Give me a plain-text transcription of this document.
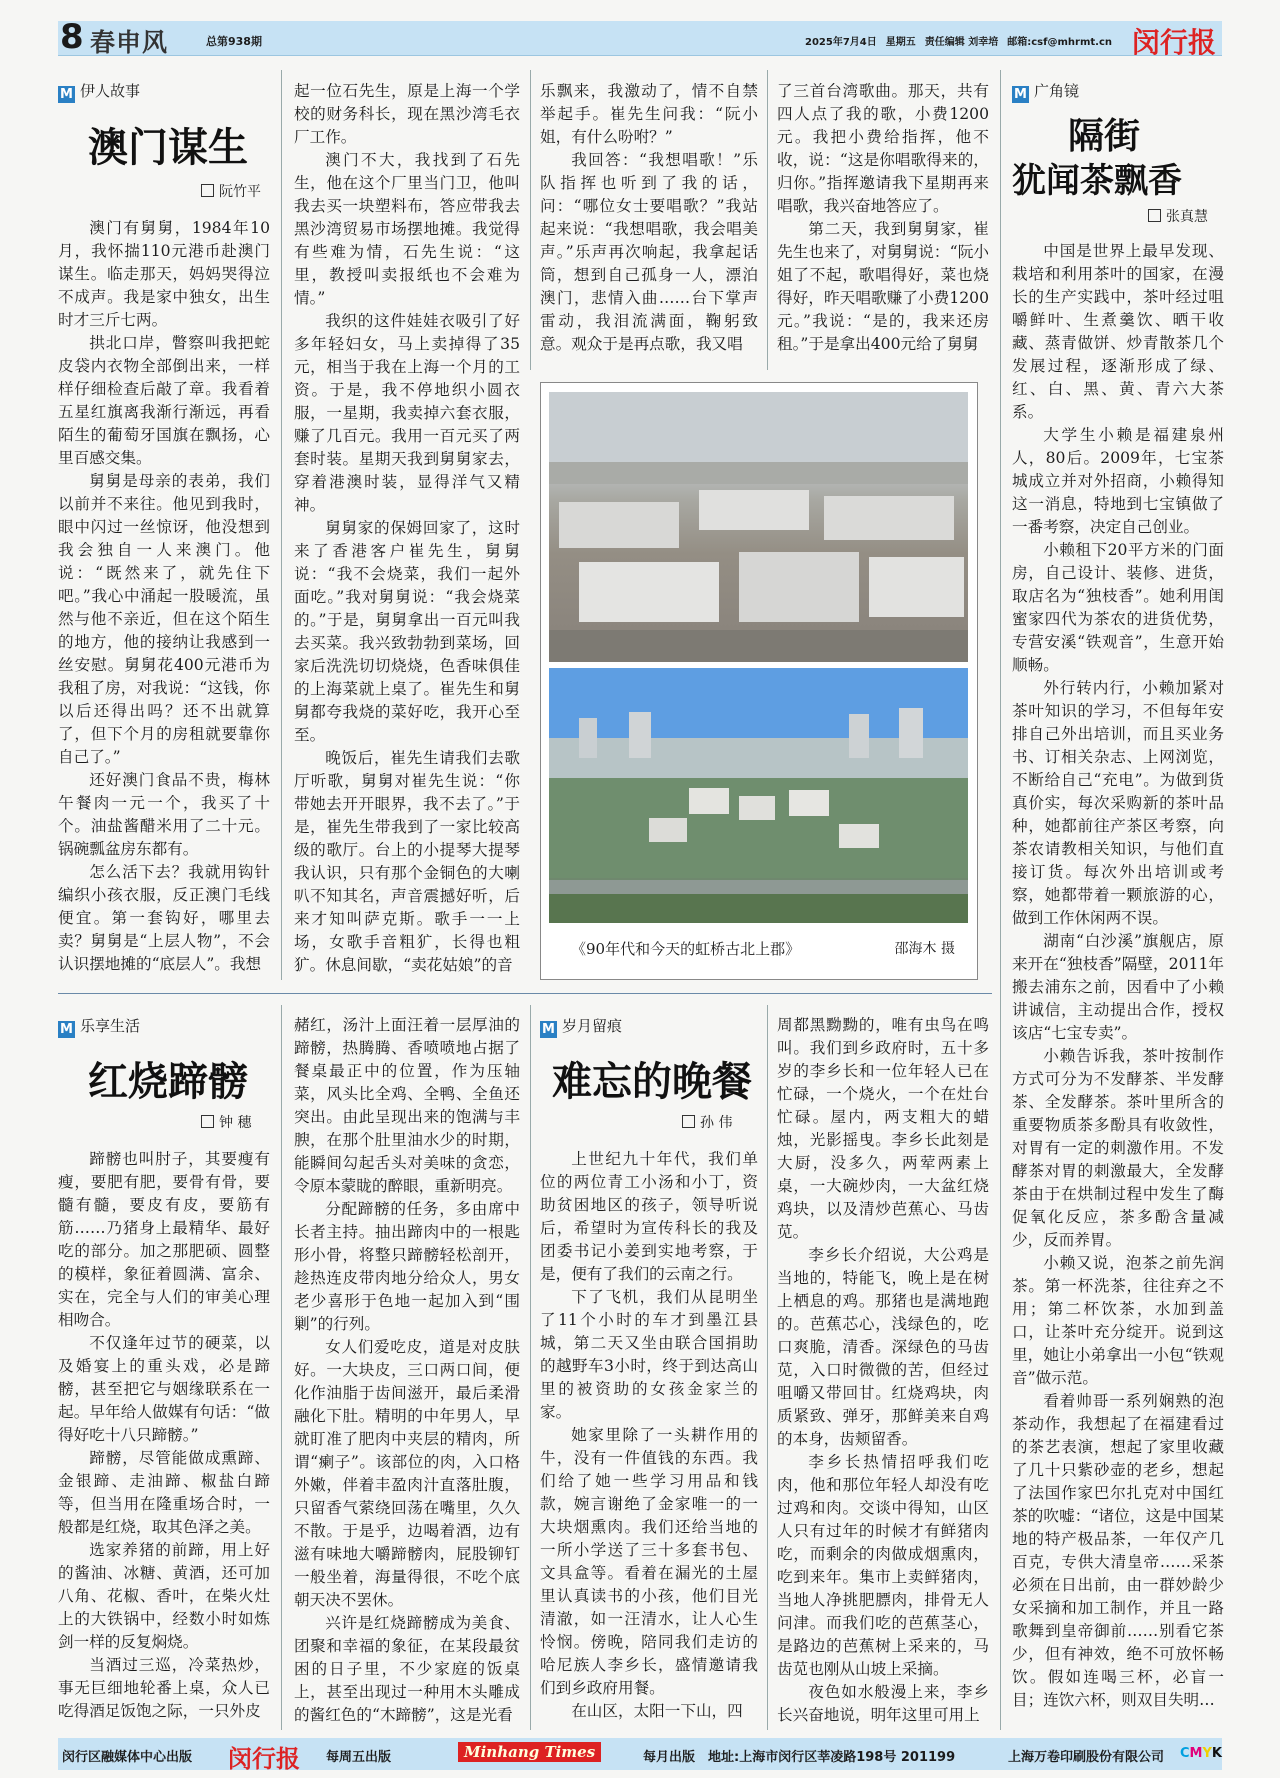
8 春申风	总第938期	2025年7月4日 星期五 责任编辑 刘幸培 邮箱:csf@mhrmt.cn 闵行报
M 伊人故事
澳门谋生
阮竹平

澳门有舅舅，1984年10月，我怀揣110元港币赴澳门谋生。临走那天，妈妈哭得泣不成声。我是家中独女，出生时才三斤七两。

拱北口岸，瞥察叫我把蛇皮袋内衣物全部倒出来，一样样仔细检查后敲了章。我看着五星红旗离我渐行渐远，再看陌生的葡萄牙国旗在飘扬，心里百感交集。

舅舅是母亲的表弟，我们以前并不来往。他见到我时，眼中闪过一丝惊讶，他没想到我会独自一人来澳门。他说：“既然来了，就先住下吧。”我心中涌起一股暖流，虽然与他不亲近，但在这个陌生的地方，他的接纳让我感到一丝安慰。舅舅花400元港币为我租了房，对我说：“这钱，你以后还得出吗？还不出就算了，但下个月的房租就要靠你自己了。”

还好澳门食品不贵，梅林午餐肉一元一个，我买了十个。油盐酱醋米用了二十元。锅碗瓢盆房东都有。

怎么活下去？我就用钩针编织小孩衣服，反正澳门毛线便宜。第一套钩好，哪里去卖？舅舅是“上层人物”，不会认识摆地摊的“底层人”。我想

起一位石先生，原是上海一个学校的财务科长，现在黑沙湾毛衣厂工作。

澳门不大，我找到了石先生，他在这个厂里当门卫，他叫我去买一块塑料布，答应带我去黑沙湾贸易市场摆地摊。我觉得有些难为情，石先生说：“这里，教授叫卖报纸也不会难为情。”

我织的这件娃娃衣吸引了好多年轻妇女，马上卖掉得了35元，相当于我在上海一个月的工资。于是，我不停地织小圆衣服，一星期，我卖掉六套衣服，赚了几百元。我用一百元买了两套时装。星期天我到舅舅家去，穿着港澳时装，显得洋气又精神。

舅舅家的保姆回家了，这时来了香港客户崔先生，舅舅说：“我不会烧菜，我们一起外面吃。”我对舅舅说：“我会烧菜的。”于是，舅舅拿出一百元叫我去买菜。我兴致勃勃到菜场，回家后洗洗切切烧烧，色香味俱佳的上海菜就上桌了。崔先生和舅舅都夸我烧的菜好吃，我开心至至。

晚饭后，崔先生请我们去歌厅听歌，舅舅对崔先生说：“你带她去开开眼界，我不去了。”于是，崔先生带我到了一家比较高级的歌厅。台上的小提琴大提琴我认识，只有那个金铜色的大喇叭不知其名，声音震撼好听，后来才知叫萨克斯。歌手一一上场，女歌手音粗犷，长得也粗犷。休息间歇，“卖花姑娘”的音

乐飘来，我激动了，情不自禁举起手。崔先生问我：“阮小姐，有什么吩咐？”

我回答：“我想唱歌！”乐队指挥也听到了我的话，问：“哪位女士要唱歌？”我站起来说：“我想唱歌，我会唱美声。”乐声再次响起，我拿起话筒，想到自己孤身一人，漂泊澳门，悲情入曲……台下掌声雷动，我泪流满面，鞠躬致意。观众于是再点歌，我又唱

了三首台湾歌曲。那天，共有四人点了我的歌，小费1200元。我把小费给指挥，他不收，说：“这是你唱歌得来的，归你。”指挥邀请我下星期再来唱歌，我兴奋地答应了。

第二天，我到舅舅家，崔先生也来了，对舅舅说：“阮小姐了不起，歌唱得好，菜也烧得好，昨天唱歌赚了小费1200元。”我说：“是的，我来还房租。”于是拿出400元给了舅舅

《90年代和今天的虹桥古北上郡》	邵海木 摄
M 广角镜
隔街
犹闻茶飘香
张真慧

中国是世界上最早发现、栽培和利用茶叶的国家，在漫长的生产实践中，茶叶经过咀嚼鲜叶、生煮羹饮、晒干收藏、蒸青做饼、炒青散茶几个发展过程，逐渐形成了绿、红、白、黑、黄、青六大茶系。

大学生小赖是福建泉州人，80后。2009年，七宝茶城成立并对外招商，小赖得知这一消息，特地到七宝镇做了一番考察，决定自己创业。

小赖租下20平方米的门面房，自己设计、装修、进货，取店名为“独枝香”。她利用闺蜜家四代为茶农的进货优势，专营安溪“铁观音”，生意开始顺畅。

外行转内行，小赖加紧对茶叶知识的学习，不但每年安排自己外出培训，而且买业务书、订相关杂志、上网浏览，不断给自己“充电”。为做到货真价实，每次采购新的茶叶品种，她都前往产茶区考察，向茶农请教相关知识，与他们直接订货。每次外出培训或考察，她都带着一颗旅游的心，做到工作休闲两不误。

湖南“白沙溪”旗舰店，原来开在“独枝香”隔壁，2011年搬去浦东之前，因看中了小赖讲诚信，主动提出合作，授权该店“七宝专卖”。

小赖告诉我，茶叶按制作方式可分为不发酵茶、半发酵茶、全发酵茶。茶叶里所含的重要物质茶多酚具有收敛性，对胃有一定的刺激作用。不发酵茶对胃的刺激最大，全发酵茶由于在烘制过程中发生了酶促氧化反应，茶多酚含量减少，反而养胃。

小赖又说，泡茶之前先润茶。第一杯洗茶，往往弃之不用；第二杯饮茶，水加到盖口，让茶叶充分绽开。说到这里，她让小弟拿出一小包“铁观音”做示范。

看着帅哥一系列娴熟的泡茶动作，我想起了在福建看过的茶艺表演，想起了家里收藏了几十只紫砂壶的老乡，想起了法国作家巴尔扎克对中国红茶的吹嘘：“诸位，这是中国某地的特产极品茶，一年仅产几百克，专供大清皇帝……采茶必须在日出前，由一群妙龄少女采摘和加工制作，并且一路歌舞到皇帝御前……别看它茶少，但有神效，绝不可放怀畅饮。假如连喝三杯，必盲一目；连饮六杯，则双目失明…

M 乐享生活
红烧蹄髈
钟 穗

蹄髈也叫肘子，其要瘦有瘦，要肥有肥，要骨有骨，要髓有髓，要皮有皮，要筋有筋……乃猪身上最精华、最好吃的部分。加之那肥硕、圆整的模样，象征着圆满、富余、实在，完全与人们的审美心理相吻合。

不仅逢年过节的硬菜，以及婚宴上的重头戏，必是蹄髈，甚至把它与姻缘联系在一起。早年给人做媒有句话：“做得好吃十八只蹄髈。”

蹄髈，尽管能做成熏蹄、金银蹄、走油蹄、椒盐白蹄等，但当用在隆重场合时，一般都是红烧，取其色泽之美。

选家养猪的前蹄，用上好的酱油、冰糖、黄酒，还可加八角、花椒、香叶，在柴火灶上的大铁锅中，经数小时如炼剑一样的反复焖烧。

当酒过三巡，冷菜热炒，事无巨细地轮番上桌，众人已吃得酒足饭饱之际，一只外皮

赭红，汤汁上面汪着一层厚油的蹄髈，热腾腾、香喷喷地占据了餐桌最正中的位置，作为压轴菜，风头比全鸡、全鸭、全鱼还突出。由此呈现出来的饱满与丰腴，在那个肚里油水少的时期，能瞬间勾起舌头对美味的贪恋，令原本蒙眬的醉眼，重新明亮。

分配蹄髈的任务，多由席中长者主持。抽出蹄肉中的一根匙形小骨，将整只蹄髈轻松剖开，趁热连皮带肉地分给众人，男女老少喜形于色地一起加入到“围剿”的行列。

女人们爱吃皮，道是对皮肤好。一大块皮，三口两口间，便化作油脂于齿间滋开，最后柔滑融化下肚。精明的中年男人，早就盯准了肥肉中夹层的精肉，所谓“瘌子”。该部位的肉，入口格外嫩，伴着丰盈肉汁直落肚腹，只留香气萦绕回荡在嘴里，久久不散。于是乎，边喝着酒，边有滋有味地大嚼蹄髈肉，屁股铆钉一般坐着，海量得很，不吃个底朝天决不罢休。

兴许是红烧蹄髈成为美食、团聚和幸福的象征，在某段最贫困的日子里，不少家庭的饭桌上，甚至出现过一种用木头雕成的酱红色的“木蹄髈”，这是光看

M 岁月留痕
难忘的晚餐
孙 伟

上世纪九十年代，我们单位的两位青工小汤和小丁，资助贫困地区的孩子，领导听说后，希望时为宣传科长的我及团委书记小姜到实地考察，于是，便有了我们的云南之行。

下了飞机，我们从昆明坐了11个小时的车才到墨江县城，第二天又坐由联合国捐助的越野车3小时，终于到达高山里的被资助的女孩金家兰的家。

她家里除了一头耕作用的牛，没有一件值钱的东西。我们给了她一些学习用品和钱款，婉言谢绝了金家唯一的一大块烟熏肉。我们还给当地的一所小学送了三十多套书包、文具盒等。看着在漏光的土屋里认真读书的小孩，他们目光清澈，如一汪清水，让人心生怜悯。傍晚，陪同我们走访的哈尼族人李乡长，盛情邀请我们到乡政府用餐。

在山区，太阳一下山，四

周都黑黝黝的，唯有虫鸟在鸣叫。我们到乡政府时，五十多岁的李乡长和一位年轻人已在忙碌，一个烧火，一个在灶台忙碌。屋内，两支粗大的蜡烛，光影摇曳。李乡长此刻是大厨，没多久，两荤两素上桌，一大碗炒肉，一大盆红烧鸡块，以及清炒芭蕉心、马齿苋。

李乡长介绍说，大公鸡是当地的，特能飞，晚上是在树上栖息的鸡。那猪也是满地跑的。芭蕉芯心，浅绿色的，吃口爽脆，清香。深绿色的马齿苋，入口时微微的苦，但经过咀嚼又带回甘。红烧鸡块，肉质紧致、弹牙，那鲜美来自鸡的本身，齿颊留香。

李乡长热情招呼我们吃肉，他和那位年轻人却没有吃过鸡和肉。交谈中得知，山区人只有过年的时候才有鲜猪肉吃，而剩余的肉做成烟熏肉，吃到来年。集市上卖鲜猪肉，当地人净挑肥膘肉，排骨无人问津。而我们吃的芭蕉茎心，是路边的芭蕉树上采来的，马齿苋也刚从山坡上采摘。

夜色如水般漫上来，李乡长兴奋地说，明年这里可用上

闵行区融媒体中心出版 闵行报 每周五出版	Minhang Times	每月出版 地址:上海市闵行区莘凌路198号 201199	上海万卷印刷股份有限公司 CMYK
